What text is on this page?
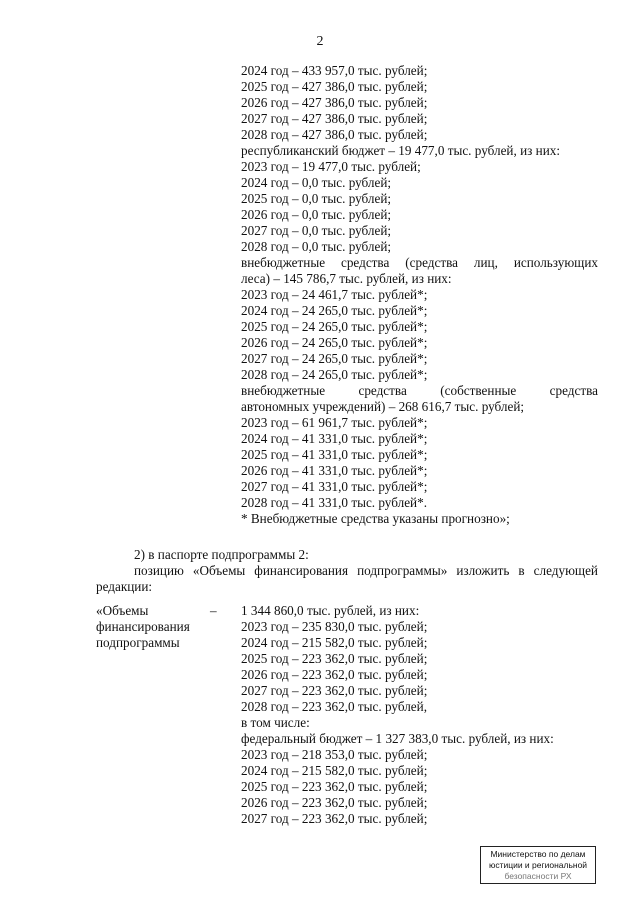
2
2024 год – 433 957,0 тыс. рублей;
2025 год – 427 386,0 тыс. рублей;
2026 год – 427 386,0 тыс. рублей;
2027 год – 427 386,0 тыс. рублей;
2028 год – 427 386,0 тыс. рублей;
республиканский бюджет – 19 477,0 тыс. рублей, из них:
2023 год – 19 477,0 тыс. рублей;
2024 год – 0,0 тыс. рублей;
2025 год – 0,0 тыс. рублей;
2026 год – 0,0 тыс. рублей;
2027 год – 0,0 тыс. рублей;
2028 год – 0,0 тыс. рублей;
внебюджетные средства (средства лиц, использующих
леса) – 145 786,7 тыс. рублей, из них:
2023 год – 24 461,7 тыс. рублей*;
2024 год – 24 265,0 тыс. рублей*;
2025 год – 24 265,0 тыс. рублей*;
2026 год – 24 265,0 тыс. рублей*;
2027 год – 24 265,0 тыс. рублей*;
2028 год – 24 265,0 тыс. рублей*;
внебюджетные средства (собственные средства
автономных учреждений) – 268 616,7 тыс. рублей;
2023 год – 61 961,7 тыс. рублей*;
2024 год – 41 331,0 тыс. рублей*;
2025 год – 41 331,0 тыс. рублей*;
2026 год – 41 331,0 тыс. рублей*;
2027 год – 41 331,0 тыс. рублей*;
2028 год – 41 331,0 тыс. рублей*.
* Внебюджетные средства указаны прогнозно»;
2) в паспорте подпрограммы 2:
позицию «Объемы финансирования подпрограммы» изложить в следующей
редакции:
«Объемы
финансирования
подпрограммы
– 1 344 860,0 тыс. рублей, из них:
2023 год – 235 830,0 тыс. рублей;
2024 год – 215 582,0 тыс. рублей;
2025 год – 223 362,0 тыс. рублей;
2026 год – 223 362,0 тыс. рублей;
2027 год – 223 362,0 тыс. рублей;
2028 год – 223 362,0 тыс. рублей,
в том числе:
федеральный бюджет – 1 327 383,0 тыс. рублей, из них:
2023 год – 218 353,0 тыс. рублей;
2024 год – 215 582,0 тыс. рублей;
2025 год – 223 362,0 тыс. рублей;
2026 год – 223 362,0 тыс. рублей;
2027 год – 223 362,0 тыс. рублей;
Министерство по делам
юстиции и региональной
безопасности РХ
